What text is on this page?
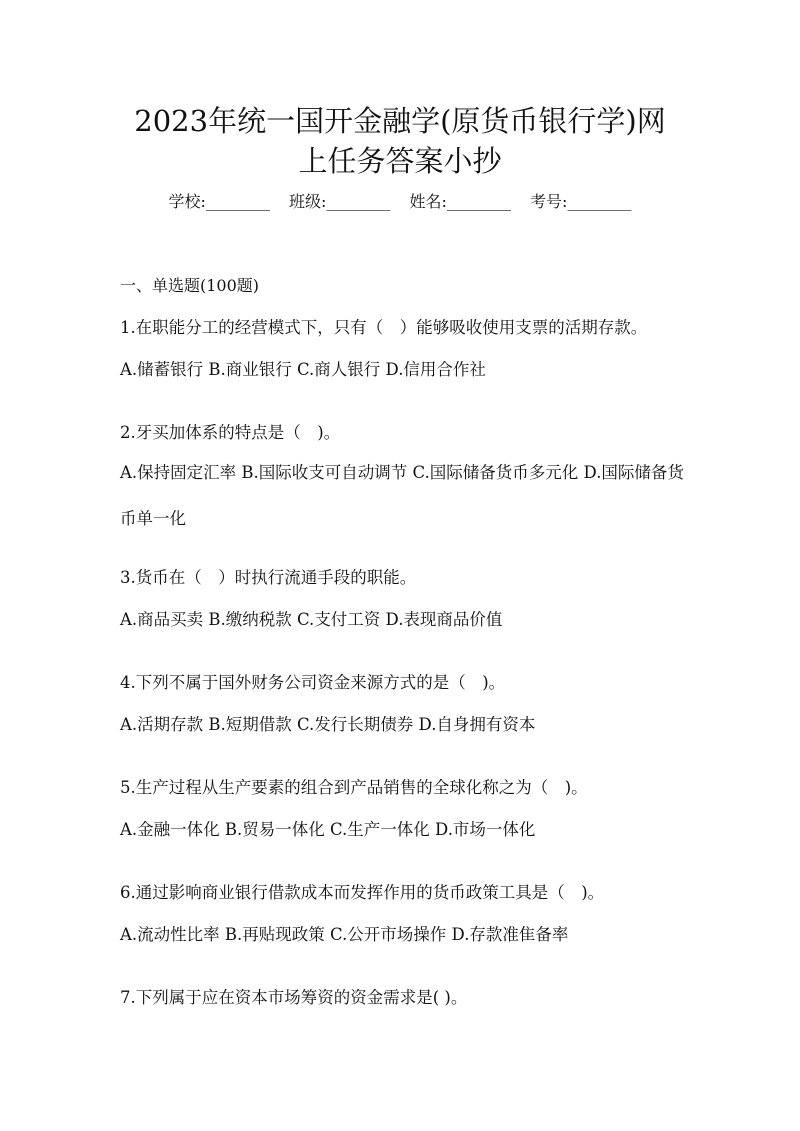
2023年统一国开金融学(原货币银行学)网
上任务答案小抄
学校:________ 班级:________ 姓名:________ 考号:________
一、单选题(100题)
1.在职能分工的经营模式下，只有（　）能够吸收使用支票的活期存款。
A.储蓄银行 B.商业银行 C.商人银行 D.信用合作社
2.牙买加体系的特点是（　)。
A.保持固定汇率 B.国际收支可自动调节 C.国际储备货币多元化 D.国际储备货币单一化
3.货币在（　）时执行流通手段的职能。
A.商品买卖 B.缴纳税款 C.支付工资 D.表现商品价值
4.下列不属于国外财务公司资金来源方式的是（　)。
A.活期存款 B.短期借款 C.发行长期债券 D.自身拥有资本
5.生产过程从生产要素的组合到产品销售的全球化称之为（　)。
A.金融一体化 B.贸易一体化 C.生产一体化 D.市场一体化
6.通过影响商业银行借款成本而发挥作用的货币政策工具是（　)。
A.流动性比率 B.再贴现政策 C.公开市场操作 D.存款准隹备率
7.下列属于应在资本市场筹资的资金需求是( )。
